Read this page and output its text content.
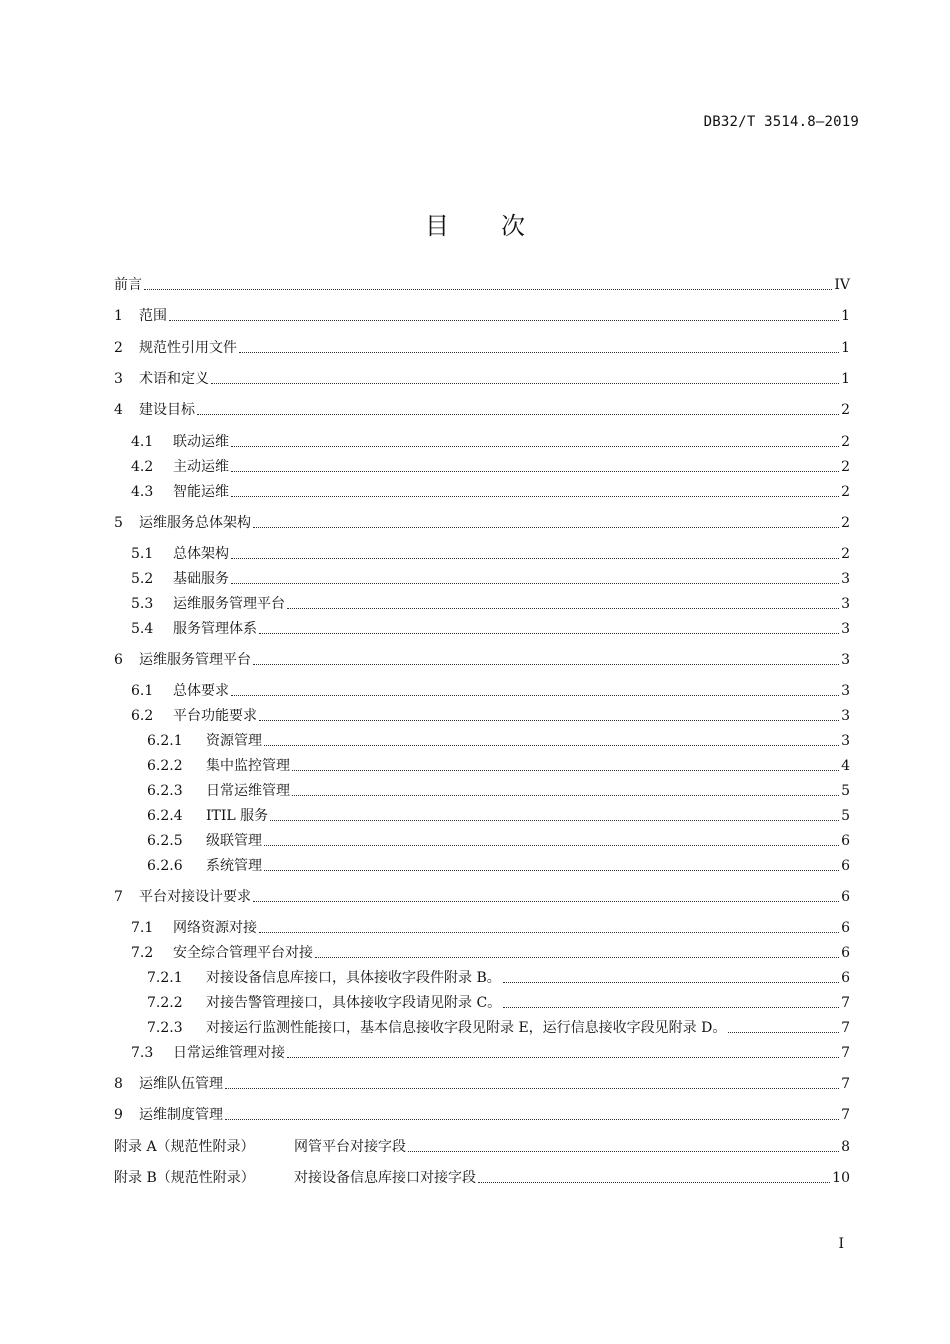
DB32/T 3514.8—2019
目次
前言	IV
1	范围	1
2	规范性引用文件	1
3	术语和定义	1
4	建设目标	2
4.1	联动运维	2
4.2	主动运维	2
4.3	智能运维	2
5	运维服务总体架构	2
5.1	总体架构	2
5.2	基础服务	3
5.3	运维服务管理平台	3
5.4	服务管理体系	3
6	运维服务管理平台	3
6.1	总体要求	3
6.2	平台功能要求	3
6.2.1	资源管理	3
6.2.2	集中监控管理	4
6.2.3	日常运维管理	5
6.2.4	ITIL 服务	5
6.2.5	级联管理	6
6.2.6	系统管理	6
7	平台对接设计要求	6
7.1	网络资源对接	6
7.2	安全综合管理平台对接	6
7.2.1	对接设备信息库接口，具体接收字段件附录 B。	6
7.2.2	对接告警管理接口，具体接收字段请见附录 C。	7
7.2.3	对接运行监测性能接口，基本信息接收字段见附录 E，运行信息接收字段见附录 D。	7
7.3	日常运维管理对接	7
8	运维队伍管理	7
9	运维制度管理	7
附录 A（规范性附录）	网管平台对接字段	8
附录 B（规范性附录）	对接设备信息库接口对接字段	10
I
